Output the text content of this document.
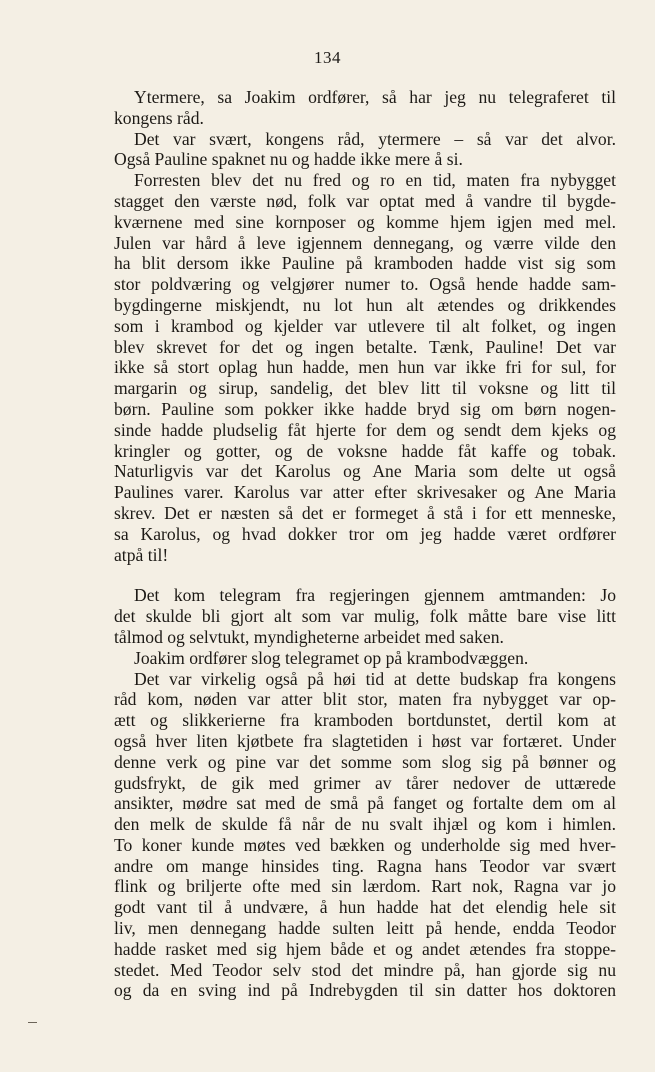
134
Ytermere, sa Joakim ordfører, så har jeg nu telegraferet til
kongens råd.
Det var svært, kongens råd, ytermere – så var det alvor.
Også Pauline spaknet nu og hadde ikke mere å si.
Forresten blev det nu fred og ro en tid, maten fra nybygget
stagget den værste nød, folk var optat med å vandre til bygde-
kværnene med sine kornposer og komme hjem igjen med mel.
Julen var hård å leve igjennem dennegang, og værre vilde den
ha blit dersom ikke Pauline på kramboden hadde vist sig som
stor poldværing og velgjører numer to. Også hende hadde sam-
bygdingerne miskjendt, nu lot hun alt ætendes og drikkendes
som i krambod og kjelder var utlevere til alt folket, og ingen
blev skrevet for det og ingen betalte. Tænk, Pauline! Det var
ikke så stort oplag hun hadde, men hun var ikke fri for sul, for
margarin og sirup, sandelig, det blev litt til voksne og litt til
børn. Pauline som pokker ikke hadde bryd sig om børn nogen-
sinde hadde pludselig fåt hjerte for dem og sendt dem kjeks og
kringler og gotter, og de voksne hadde fåt kaffe og tobak.
Naturligvis var det Karolus og Ane Maria som delte ut også
Paulines varer. Karolus var atter efter skrivesaker og Ane Maria
skrev. Det er næsten så det er formeget å stå i for ett menneske,
sa Karolus, og hvad dokker tror om jeg hadde været ordfører
atpå til!
Det kom telegram fra regjeringen gjennem amtmanden: Jo
det skulde bli gjort alt som var mulig, folk måtte bare vise litt
tålmod og selvtukt, myndigheterne arbeidet med saken.
Joakim ordfører slog telegramet op på krambodvæggen.
Det var virkelig også på høi tid at dette budskap fra kongens
råd kom, nøden var atter blit stor, maten fra nybygget var op-
ætt og slikkerierne fra kramboden bortdunstet, dertil kom at
også hver liten kjøtbete fra slagtetiden i høst var fortæret. Under
denne verk og pine var det somme som slog sig på bønner og
gudsfrykt, de gik med grimer av tårer nedover de uttærede
ansikter, mødre sat med de små på fanget og fortalte dem om al
den melk de skulde få når de nu svalt ihjæl og kom i himlen.
To koner kunde møtes ved bækken og underholde sig med hver-
andre om mange hinsides ting. Ragna hans Teodor var svært
flink og briljerte ofte med sin lærdom. Rart nok, Ragna var jo
godt vant til å undvære, å hun hadde hat det elendig hele sit
liv, men dennegang hadde sulten leitt på hende, endda Teodor
hadde rasket med sig hjem både et og andet ætendes fra stoppe-
stedet. Med Teodor selv stod det mindre på, han gjorde sig nu
og da en sving ind på Indrebygden til sin datter hos doktoren
